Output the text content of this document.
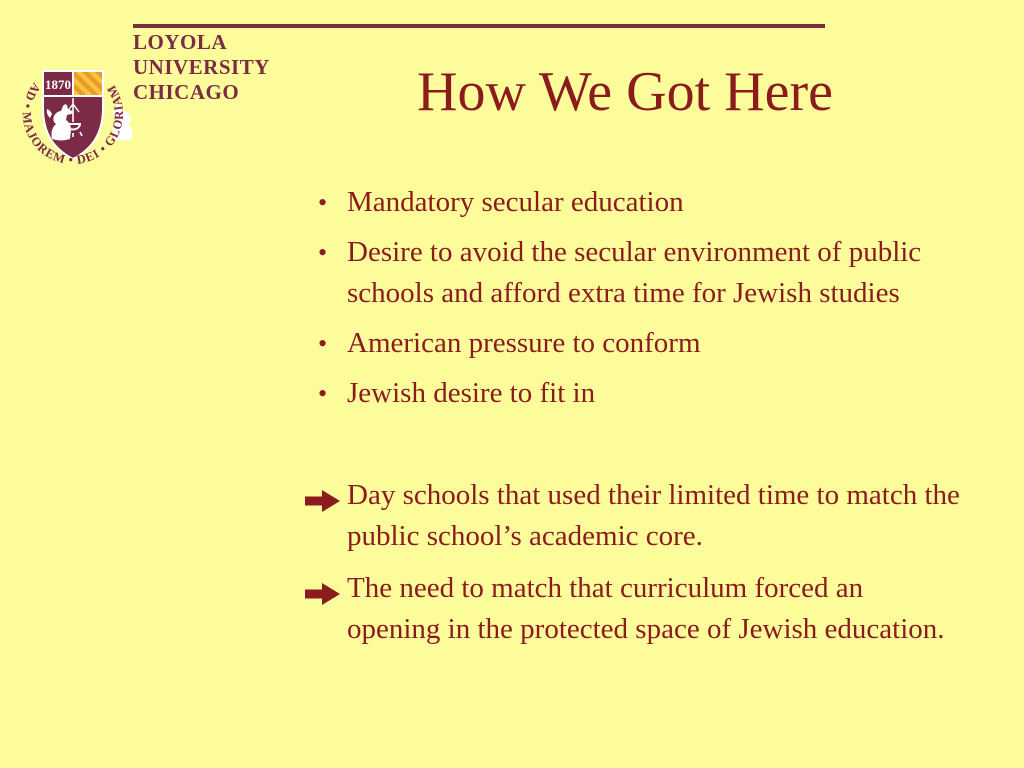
1870
AD • MAJOREM • DEI • GLORIAM
LOYOLA
UNIVERSITY
CHICAGO	How We Got Here
• Mandatory secular education
• Desire to avoid the secular environment of public schools and afford extra time for Jewish studies
• American pressure to conform
• Jewish desire to fit in
Day schools that used their limited time to match the public school’s academic core.
The need to match that curriculum forced an opening in the protected space of Jewish education.
